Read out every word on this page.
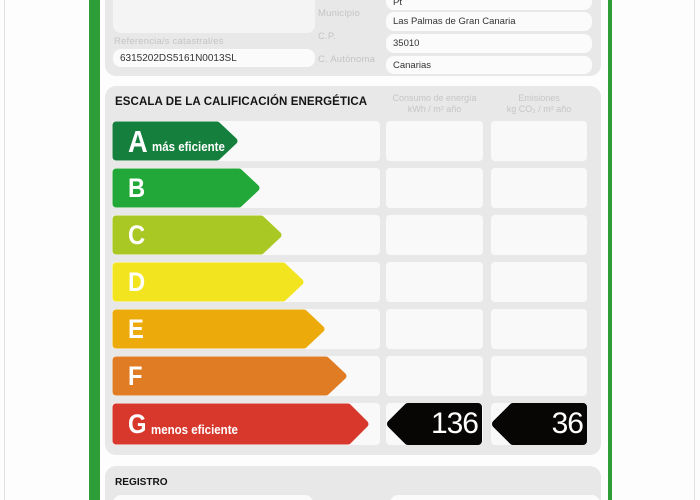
Referencia/s catastral/es
6315202DS5161N0013SL
Municipio
C.P.
C. Autónoma
Pt
Las Palmas de Gran Canaria
35010
Canarias
ESCALA DE LA CALIFICACIÓN ENERGÉTICA	Consumo de energía
kWh / m² año
Emisiones
kg CO₂ / m² año
A más eficiente
B
C
D
E
F
G menos eficiente	136 36
REGISTRO
